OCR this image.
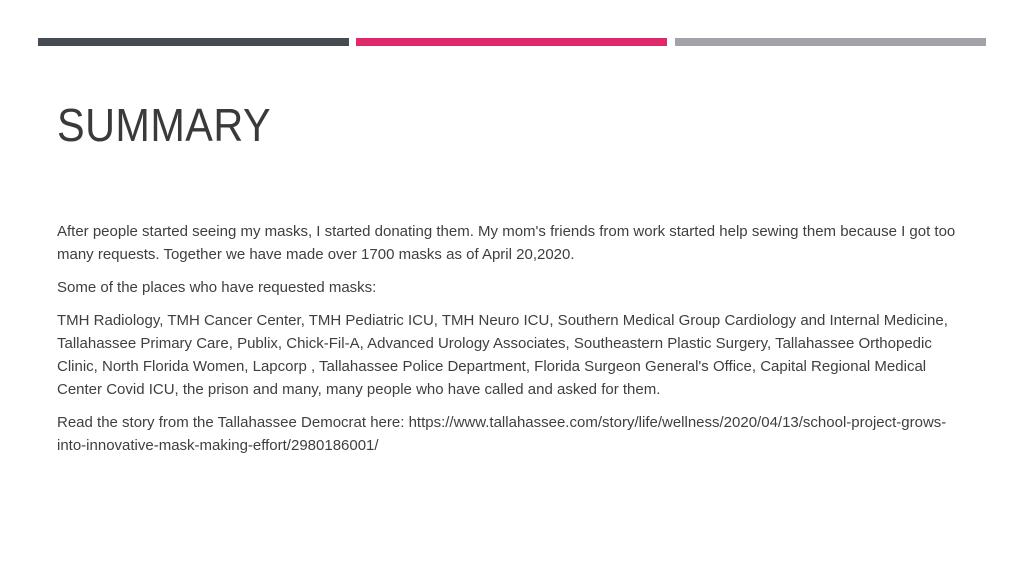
SUMMARY

After people started seeing my masks, I started donating them. My mom's friends from work started help sewing them because I got too many requests. Together we have made over 1700 masks as of April 20,2020.

Some of the places who have requested masks:

TMH Radiology, TMH Cancer Center, TMH Pediatric ICU, TMH Neuro ICU, Southern Medical Group Cardiology and Internal Medicine, Tallahassee Primary Care, Publix, Chick-Fil-A, Advanced Urology Associates, Southeastern Plastic Surgery, Tallahassee Orthopedic Clinic, North Florida Women, Lapcorp , Tallahassee Police Department, Florida Surgeon General's Office, Capital Regional Medical Center Covid ICU, the prison and many, many people who have called and asked for them.

Read the story from the Tallahassee Democrat here: https://www.tallahassee.com/story/life/wellness/2020/04/13/school-project-grows-into-innovative-mask-making-effort/2980186001/
